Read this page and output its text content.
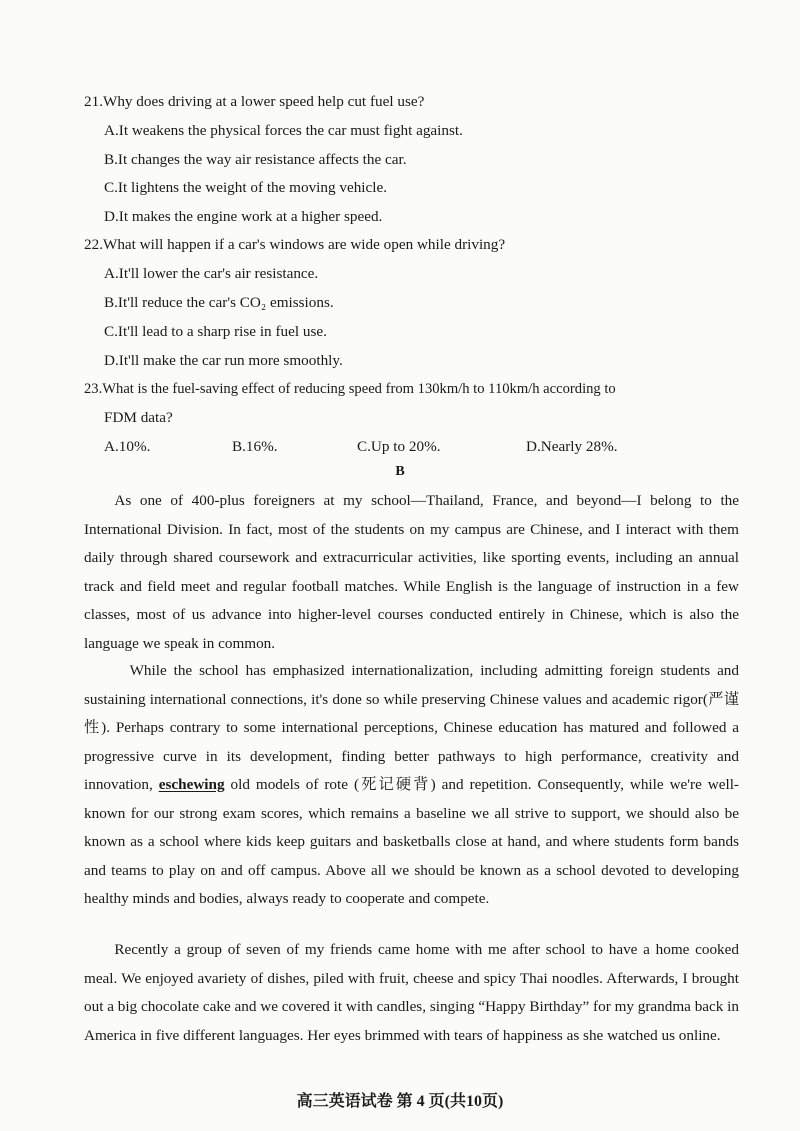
21.Why does driving at a lower speed help cut fuel use?
A.It weakens the physical forces the car must fight against.
B.It changes the way air resistance affects the car.
C.It lightens the weight of the moving vehicle.
D.It makes the engine work at a higher speed.
22.What will happen if a car's windows are wide open while driving?
A.It'll lower the car's air resistance.
B.It'll reduce the car's CO₂ emissions.
C.It'll lead to a sharp rise in fuel use.
D.It'll make the car run more smoothly.
23.What is the fuel-saving effect of reducing speed from 130km/h to 110km/h according to
FDM data?
A.10%.	B.16%.	C.Up to 20%.	D.Nearly 28%.
B
As one of 400-plus foreigners at my school—Thailand, France, and beyond—I belong to the International Division. In fact, most of the students on my campus are Chinese, and I interact with them daily through shared coursework and extracurricular activities, like sporting events, including an annual track and field meet and regular football matches. While English is the language of instruction in a few classes, most of us advance into higher-level courses conducted entirely in Chinese, which is also the language we speak in common.
While the school has emphasized internationalization, including admitting foreign students and sustaining international connections, it's done so while preserving Chinese values and academic rigor(严谨性). Perhaps contrary to some international perceptions, Chinese education has matured and followed a progressive curve in its development, finding better pathways to high performance, creativity and innovation, eschewing old models of rote (死记硬背) and repetition. Consequently, while we're well-known for our strong exam scores, which remains a baseline we all strive to support, we should also be known as a school where kids keep guitars and basketballs close at hand, and where students form bands and teams to play on and off campus. Above all we should be known as a school devoted to developing healthy minds and bodies, always ready to cooperate and compete.
Recently a group of seven of my friends came home with me after school to have a home cooked meal. We enjoyed avariety of dishes, piled with fruit, cheese and spicy Thai noodles. Afterwards, I brought out a big chocolate cake and we covered it with candles, singing “Happy Birthday” for my grandma back in America in five different languages. Her eyes brimmed with tears of happiness as she watched us online.
高三英语试卷 第 4 页(共10页)
